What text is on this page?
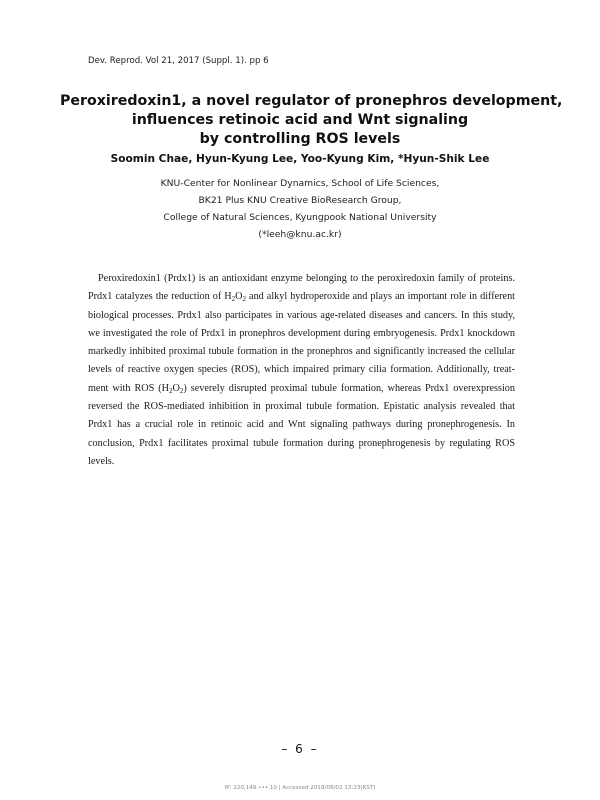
Dev. Reprod. Vol 21, 2017 (Suppl. 1). pp 6
Peroxiredoxin1, a novel regulator of pronephros development,
influences retinoic acid and Wnt signaling
by controlling ROS levels
Soomin Chae, Hyun-Kyung Lee, Yoo-Kyung Kim, *Hyun-Shik Lee
KNU-Center for Nonlinear Dynamics, School of Life Sciences,
BK21 Plus KNU Creative BioResearch Group,
College of Natural Sciences, Kyungpook National University
(*leeh@knu.ac.kr)
Peroxiredoxin1 (Prdx1) is an antioxidant enzyme belonging to the peroxiredoxin family of proteins.
Prdx1 catalyzes the reduction of $H_2O_2$ and alkyl hydroperoxide and plays an important role in different
biological processes. Prdx1 also participates in various age-related diseases and cancers. In this study,
we investigated the role of Prdx1 in pronephros development during embryogenesis. Prdx1 knockdown
markedly inhibited proximal tubule formation in the pronephros and significantly increased the cellular
levels of reactive oxygen species (ROS), which impaired primary cilia formation. Additionally, treat-
ment with ROS $(H_2O_2)$ severely disrupted proximal tubule formation, whereas Prdx1 overexpression
reversed the ROS-mediated inhibition in proximal tubule formation. Epistatic analysis revealed that
Prdx1 has a crucial role in retinoic acid and Wnt signaling pathways during pronephrogenesis. In
conclusion, Prdx1 facilitates proximal tubule formation during pronephrogenesis by regulating ROS
levels.
– 6 –
IP: 220.149.•••.10 | Accessed 2018/08/02 13:23(KST)
